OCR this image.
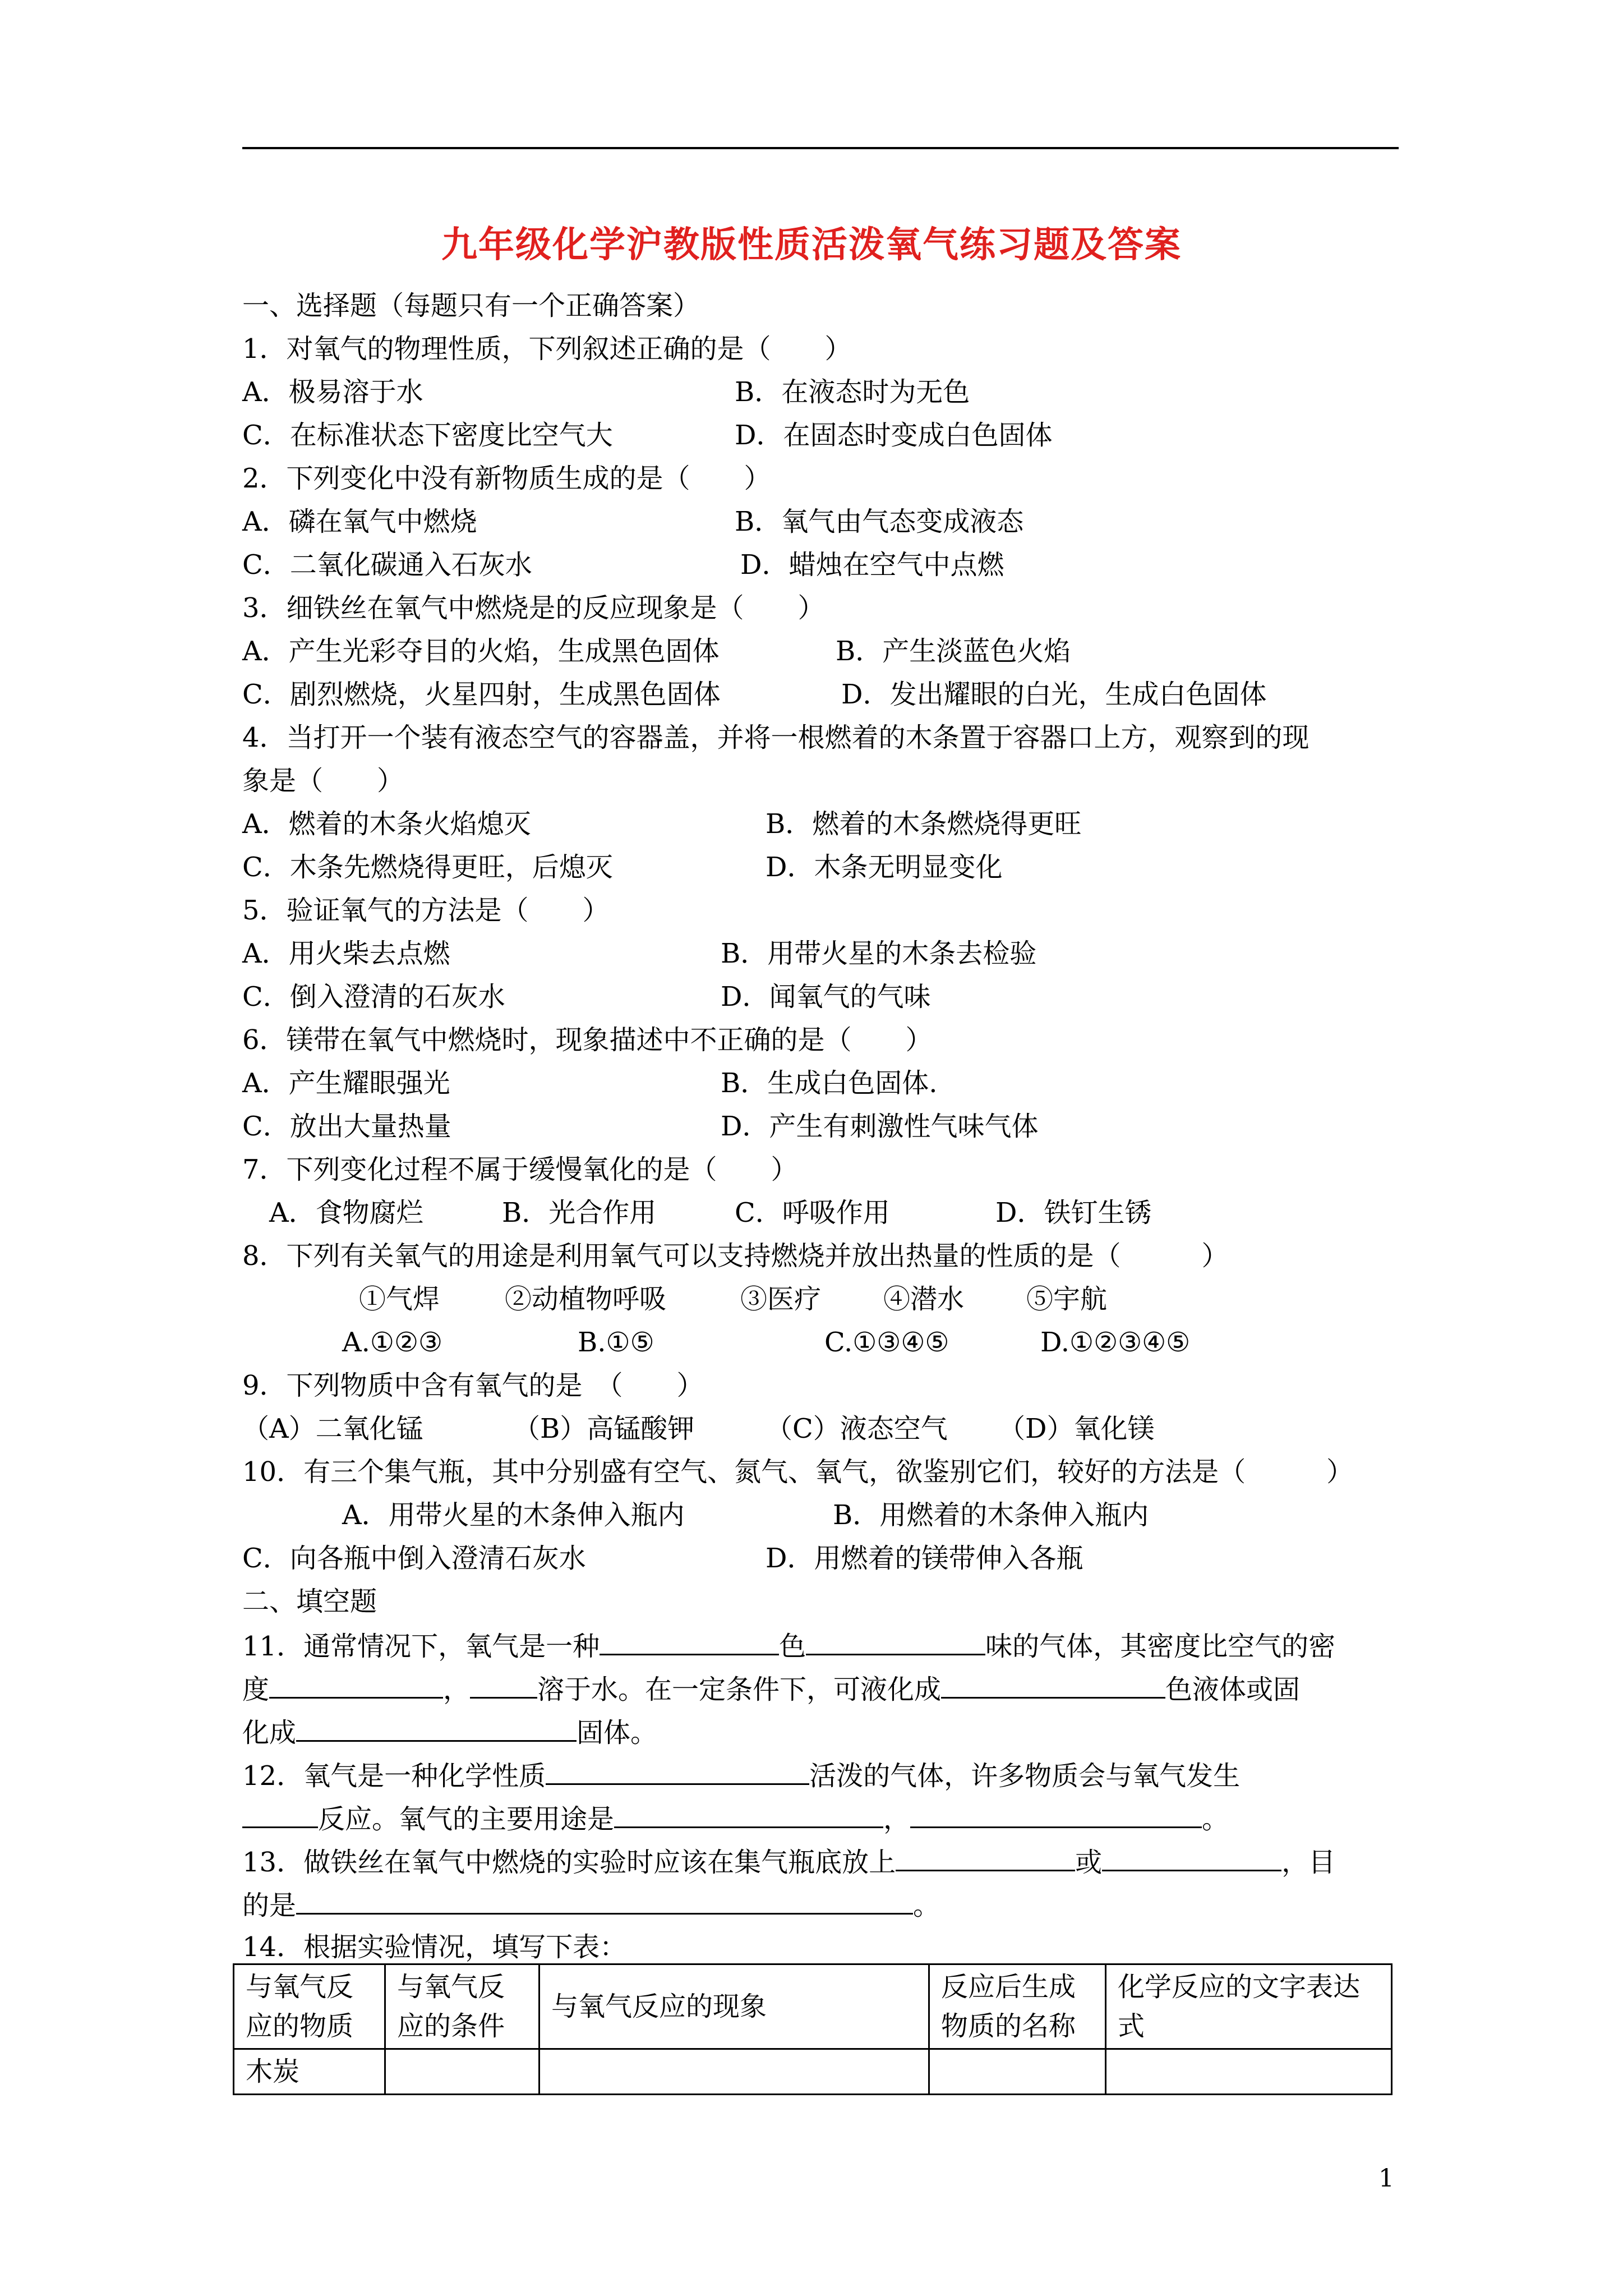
九年级化学沪教版性质活泼氧气练习题及答案
一、选择题（每题只有一个正确答案）
1．对氧气的物理性质，下列叙述正确的是（　　）
A．极易溶于水	B．在液态时为无色
C．在标准状态下密度比空气大	D．在固态时变成白色固体
2．下列变化中没有新物质生成的是（　　）
A．磷在氧气中燃烧	B．氧气由气态变成液态
C．二氧化碳通入石灰水	D．蜡烛在空气中点燃
3．细铁丝在氧气中燃烧是的反应现象是（　　）
A．产生光彩夺目的火焰，生成黑色固体	B．产生淡蓝色火焰
C．剧烈燃烧，火星四射，生成黑色固体	D．发出耀眼的白光，生成白色固体
4．当打开一个装有液态空气的容器盖，并将一根燃着的木条置于容器口上方，观察到的现
象是（　　）
A．燃着的木条火焰熄灭	B．燃着的木条燃烧得更旺
C．木条先燃烧得更旺，后熄灭	D．木条无明显变化
5．验证氧气的方法是（　　）
A．用火柴去点燃	B．用带火星的木条去检验
C．倒入澄清的石灰水	D．闻氧气的气味
6．镁带在氧气中燃烧时，现象描述中不正确的是（　　）
A．产生耀眼强光	B．生成白色固体.
C．放出大量热量	D．产生有刺激性气味气体
7．下列变化过程不属于缓慢氧化的是（　　）
A．食物腐烂	B．光合作用	C．呼吸作用	D．铁钉生锈
8．下列有关氧气的用途是利用氧气可以支持燃烧并放出热量的性质的是（　　　）
①气焊 ②动植物呼吸	③医疗 ④潜水 ⑤宇航
A.①②③	B.①⑤	C.①③④⑤	D.①②③④⑤
9．下列物质中含有氧气的是　（　　）
（A）二氧化锰	（B）高锰酸钾	（C）液态空气 （D）氧化镁
10．有三个集气瓶，其中分别盛有空气、氮气、氧气，欲鉴别它们，较好的方法是（　　　）
A．用带火星的木条伸入瓶内	B．用燃着的木条伸入瓶内
C．向各瓶中倒入澄清石灰水	D．用燃着的镁带伸入各瓶
二、填空题
11．通常情况下，氧气是一种	色	味的气体，其密度比空气的密
度	，	溶于水。在一定条件下，可液化成	色液体或固
化成	固体。
12．氧气是一种化学性质	活泼的气体，许多物质会与氧气发生
反应。氧气的主要用途是	，	。
13．做铁丝在氧气中燃烧的实验时应该在集气瓶底放上	或	，目
的是	。
14．根据实验情况，填写下表：
与氧气反应的物质	与氧气反应的条件	与氧气反应的现象	反应后生成物质的名称	化学反应的文字表达式
木炭				
1
